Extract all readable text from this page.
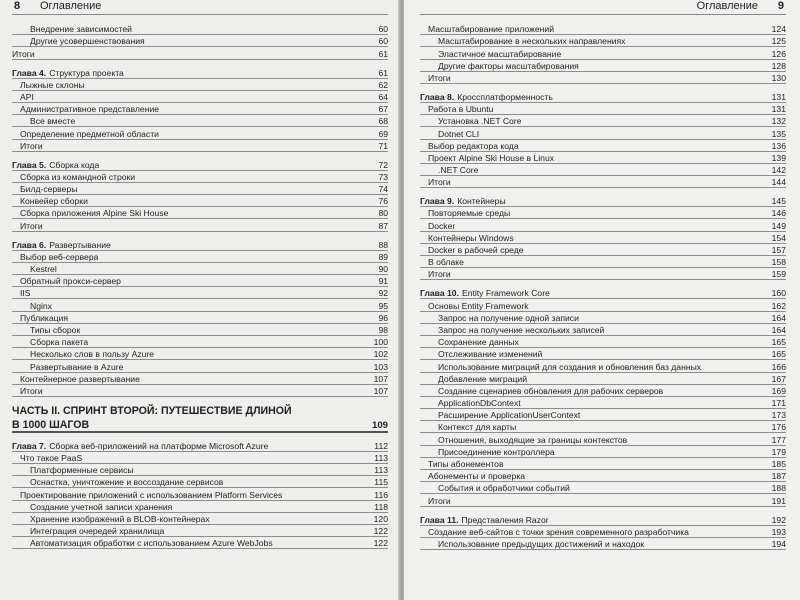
8 Оглавление
Внедрение зависимостей	60
Другие усовершенствования	60
Итоги	61
Глава 4. Структура проекта	61
Лыжные склоны	62
API	64
Административное представление	67
Все вместе	68
Определение предметной области	69
Итоги	71
Глава 5. Сборка кода	72
Сборка из командной строки	73
Билд-серверы	74
Конвейер сборки	76
Сборка приложения Alpine Ski House	80
Итоги	87
Глава 6. Развертывание	88
Выбор веб-сервера	89
Kestrel	90
Обратный прокси-сервер	91
IIS	92
Nginx	95
Публикация	96
Типы сборок	98
Сборка пакета	100
Несколько слов в пользу Azure	102
Развертывание в Azure	103
Контейнерное развертывание	107
Итоги	107
ЧАСТЬ II. СПРИНТ ВТОРОЙ: ПУТЕШЕСТВИЕ ДЛИНОЙ
В 1000 ШАГОВ	109
Глава 7. Сборка веб-приложений на платформе Microsoft Azure	112
Что такое PaaS	113
Платформенные сервисы	113
Оснастка, уничтожение и воссоздание сервисов	115
Проектирование приложений с использованием Platform Services	116
Создание учетной записи хранения	118
Хранение изображений в BLOB-контейнерах	120
Интеграция очередей хранилища	122
Автоматизация обработки с использованием Azure WebJobs	122
Оглавление 9
Масштабирование приложений	124
Масштабирование в нескольких направлениях	125
Эластичное масштабирование	126
Другие факторы масштабирования	128
Итоги	130
Глава 8. Кроссплатформенность	131
Работа в Ubuntu	131
Установка .NET Core	132
Dotnet CLI	135
Выбор редактора кода	136
Проект Alpine Ski House в Linux	139
.NET Core	142
Итоги	144
Глава 9. Контейнеры	145
Повторяемые среды	146
Docker	149
Контейнеры Windows	154
Docker в рабочей среде	157
В облаке	158
Итоги	159
Глава 10. Entity Framework Core	160
Основы Entity Framework	162
Запрос на получение одной записи	164
Запрос на получение нескольких записей	164
Сохранение данных	165
Отслеживание изменений	165
Использование миграций для создания и обновления баз данных	166
Добавление миграций	167
Создание сценариев обновления для рабочих серверов	169
ApplicationDbContext	171
Расширение ApplicationUserContext	173
Контекст для карты	176
Отношения, выходящие за границы контекстов	177
Присоединение контроллера	179
Типы абонементов	185
Абонементы и проверка	187
События и обработчики событий	188
Итоги	191
Глава 11. Представления Razor	192
Создание веб-сайтов с точки зрения современного разработчика	193
Использование предыдущих достижений и находок	194
